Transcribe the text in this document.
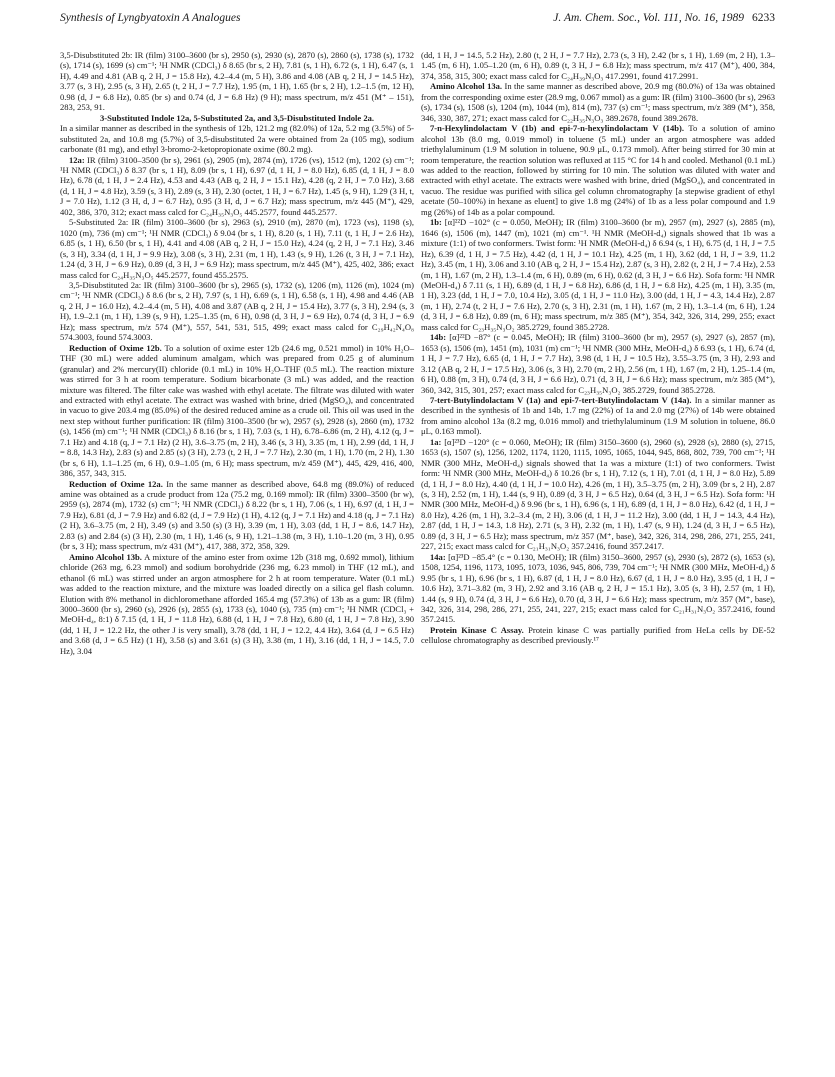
Synthesis of Lyngbyatoxin A Analogues	J. Am. Chem. Soc., Vol. 111, No. 16, 1989 6233

3,5-Disubstituted 2b: IR (film) 3100–3600 (br s), 2950 (s), 2930 (s), 2870 (s), 2860 (s), 1738 (s), 1732 (s), 1714 (s), 1699 (s) cm⁻¹; ¹H NMR (CDCl₃) δ 8.65 (br s, 2 H), 7.81 (s, 1 H), 6.72 (s, 1 H), 6.47 (s, 1 H), 4.49 and 4.81 (AB q, 2 H, J = 15.8 Hz), 4.2–4.4 (m, 5 H), 3.86 and 4.08 (AB q, 2 H, J = 14.5 Hz), 3.77 (s, 3 H), 2.95 (s, 3 H), 2.65 (t, 2 H, J = 7.7 Hz), 1.95 (m, 1 H), 1.65 (br s, 2 H), 1.2–1.5 (m, 12 H), 0.98 (d, J = 6.8 Hz), 0.85 (br s) and 0.74 (d, J = 6.8 Hz) (9 H); mass spectrum, m/z 451 (M⁺ – 151), 283, 253, 91.

3-Substituted Indole 12a, 5-Substituted 2a, and 3,5-Disubstituted Indole 2a.

In a similar manner as described in the synthesis of 12b, 121.2 mg (82.0%) of 12a, 5.2 mg (3.5%) of 5-substituted 2a, and 10.8 mg (5.7%) of 3,5-disubstituted 2a were obtained from 2a (105 mg), sodium carbonate (81 mg), and ethyl 3-bromo-2-ketopropionate oxime (80.2 mg).

12a: IR (film) 3100–3500 (br s), 2961 (s), 2905 (m), 2874 (m), 1726 (vs), 1512 (m), 1202 (s) cm⁻¹; ¹H NMR (CDCl₃) δ 8.37 (br s, 1 H), 8.09 (br s, 1 H), 6.97 (d, 1 H, J = 8.0 Hz), 6.85 (d, 1 H, J = 8.0 Hz), 6.78 (d, 1 H, J = 2.4 Hz), 4.53 and 4.43 (AB q, 2 H, J = 15.1 Hz), 4.28 (q, 2 H, J = 7.0 Hz), 3.68 (d, 1 H, J = 4.8 Hz), 3.59 (s, 3 H), 2.89 (s, 3 H), 2.30 (octet, 1 H, J = 6.7 Hz), 1.45 (s, 9 H), 1.29 (3 H, t, J = 7.0 Hz), 1.12 (3 H, d, J = 6.7 Hz), 0.95 (3 H, d, J = 6.7 Hz); mass spectrum, m/z 445 (M⁺), 429, 402, 386, 370, 312; exact mass calcd for C₂₄H₃₅N₃O₅ 445.2577, found 445.2577.

5-Substituted 2a: IR (film) 3100–3600 (br s), 2963 (s), 2910 (m), 2870 (m), 1723 (vs), 1198 (s), 1020 (m), 736 (m) cm⁻¹; ¹H NMR (CDCl₃) δ 9.04 (br s, 1 H), 8.20 (s, 1 H), 7.11 (t, 1 H, J = 2.6 Hz), 6.85 (s, 1 H), 6.50 (br s, 1 H), 4.41 and 4.08 (AB q, 2 H, J = 15.0 Hz), 4.24 (q, 2 H, J = 7.1 Hz), 3.46 (s, 3 H), 3.34 (d, 1 H, J = 9.9 Hz), 3.08 (s, 3 H), 2.31 (m, 1 H), 1.43 (s, 9 H), 1.26 (t, 3 H, J = 7.1 Hz), 1.24 (d, 3 H, J = 6.9 Hz), 0.89 (d, 3 H, J = 6.9 Hz); mass spectrum, m/z 445 (M⁺), 425, 402, 386; exact mass calcd for C₂₄H₃₅N₃O₅ 445.2577, found 455.2575.

3,5-Disubstituted 2a: IR (film) 3100–3600 (br s), 2965 (s), 1732 (s), 1206 (m), 1126 (m), 1024 (m) cm⁻¹; ¹H NMR (CDCl₃) δ 8.6 (br s, 2 H), 7.97 (s, 1 H), 6.69 (s, 1 H), 6.58 (s, 1 H), 4.98 and 4.46 (AB q, 2 H, J = 16.0 Hz), 4.2–4.4 (m, 5 H), 4.08 and 3.87 (AB q, 2 H, J = 15.4 Hz), 3.77 (s, 3 H), 2.94 (s, 3 H), 1.9–2.1 (m, 1 H), 1.39 (s, 9 H), 1.25–1.35 (m, 6 H), 0.98 (d, 3 H, J = 6.9 Hz), 0.74 (d, 3 H, J = 6.9 Hz); mass spectrum, m/z 574 (M⁺), 557, 541, 531, 515, 499; exact mass calcd for C₂₉H₄₂N₄O₈ 574.3003, found 574.3003.

Reduction of Oxime 12b. To a solution of oxime ester 12b (24.6 mg, 0.521 mmol) in 10% H₂O–THF (30 mL) were added aluminum amalgam, which was prepared from 0.25 g of aluminum (granular) and 2% mercury(II) chloride (0.1 mL) in 10% H₂O–THF (0.5 mL). The reaction mixture was stirred for 3 h at room temperature. Sodium bicarbonate (3 mL) was added, and the reaction mixture was filtered. The filter cake was washed with ethyl acetate. The filtrate was diluted with water and extracted with ethyl acetate. The extract was washed with brine, dried (MgSO₄), and concentrated in vacuo to give 203.4 mg (85.0%) of the desired reduced amine as a crude oil. This oil was used in the next step without further purification: IR (film) 3100–3500 (br w), 2957 (s), 2928 (s), 2860 (m), 1732 (s), 1456 (m) cm⁻¹; ¹H NMR (CDCl₃) δ 8.16 (br s, 1 H), 7.03 (s, 1 H), 6.78–6.86 (m, 2 H), 4.12 (q, J = 7.1 Hz) and 4.18 (q, J = 7.1 Hz) (2 H), 3.6–3.75 (m, 2 H), 3.46 (s, 3 H), 3.35 (m, 1 H), 2.99 (dd, 1 H, J = 8.8, 14.3 Hz), 2.83 (s) and 2.85 (s) (3 H), 2.73 (t, 2 H, J = 7.7 Hz), 2.30 (m, 1 H), 1.70 (m, 2 H), 1.30 (br s, 6 H), 1.1–1.25 (m, 6 H), 0.9–1.05 (m, 6 H); mass spectrum, m/z 459 (M⁺), 445, 429, 416, 400, 386, 357, 343, 315.

Reduction of Oxime 12a. In the same manner as described above, 64.8 mg (89.0%) of reduced amine was obtained as a crude product from 12a (75.2 mg, 0.169 mmol): IR (film) 3300–3500 (br w), 2959 (s), 2874 (m), 1732 (s) cm⁻¹; ¹H NMR (CDCl₃) δ 8.22 (br s, 1 H), 7.06 (s, 1 H), 6.97 (d, 1 H, J = 7.9 Hz), 6.81 (d, J = 7.9 Hz) and 6.82 (d, J = 7.9 Hz) (1 H), 4.12 (q, J = 7.1 Hz) and 4.18 (q, J = 7.1 Hz) (2 H), 3.6–3.75 (m, 2 H), 3.49 (s) and 3.50 (s) (3 H), 3.39 (m, 1 H), 3.03 (dd, 1 H, J = 8.6, 14.7 Hz), 2.83 (s) and 2.84 (s) (3 H), 2.30 (m, 1 H), 1.46 (s, 9 H), 1.21–1.38 (m, 3 H), 1.10–1.20 (m, 3 H), 0.95 (br s, 3 H); mass spectrum, m/z 431 (M⁺), 417, 388, 372, 358, 329.

Amino Alcohol 13b. A mixture of the amino ester from oxime 12b (318 mg, 0.692 mmol), lithium chloride (263 mg, 6.23 mmol) and sodium borohydride (236 mg, 6.23 mmol) in THF (12 mL), and ethanol (6 mL) was stirred under an argon atmosphere for 2 h at room temperature. Water (0.1 mL) was added to the reaction mixture, and the mixture was loaded directly on a silica gel flash column. Elution with 8% methanol in dichloromethane afforded 165.4 mg (57.3%) of 13b as a gum: IR (film) 3000–3600 (br s), 2960 (s), 2926 (s), 2855 (s), 1733 (s), 1040 (s), 735 (m) cm⁻¹; ¹H NMR (CDCl₃ + MeOH-d₄, 8:1) δ 7.15 (d, 1 H, J = 11.8 Hz), 6.88 (d, 1 H, J = 7.8 Hz), 6.80 (d, 1 H, J = 7.8 Hz), 3.90 (dd, 1 H, J = 12.2 Hz, the other J is very small), 3.78 (dd, 1 H, J = 12.2, 4.4 Hz), 3.64 (d, J = 6.5 Hz) and 3.68 (d, J = 6.5 Hz) (1 H), 3.58 (s) and 3.61 (s) (3 H), 3.38 (m, 1 H), 3.16 (dd, 1 H, J = 14.5, 7.0 Hz), 3.04

(dd, 1 H, J = 14.5, 5.2 Hz), 2.80 (t, 2 H, J = 7.7 Hz), 2.73 (s, 3 H), 2.42 (br s, 1 H), 1.69 (m, 2 H), 1.3–1.45 (m, 6 H), 1.05–1.20 (m, 6 H), 0.89 (t, 3 H, J = 6.8 Hz); mass spectrum, m/z 417 (M⁺), 400, 384, 374, 358, 315, 300; exact mass calcd for C₂₄H₃₉N₃O₃ 417.2991, found 417.2991.

Amino Alcohol 13a. In the same manner as described above, 20.9 mg (80.0%) of 13a was obtained from the corresponding oxime ester (28.9 mg, 0.067 mmol) as a gum: IR (film) 3100–3600 (br s), 2963 (s), 1734 (s), 1508 (s), 1204 (m), 1044 (m), 814 (m), 737 (s) cm⁻¹; mass spectrum, m/z 389 (M⁺), 358, 346, 330, 387, 271; exact mass calcd for C₂₂H₃₅N₃O₃ 389.2678, found 389.2678.

7-n-Hexylindolactam V (1b) and epi-7-n-hexylindolactam V (14b). To a solution of amino alcohol 13b (8.0 mg, 0.019 mmol) in toluene (5 mL) under an argon atmosphere was added triethylaluminum (1.9 M solution in toluene, 90.9 μL, 0.173 mmol). After being stirred for 30 min at room temperature, the reaction solution was refluxed at 115 °C for 14 h and cooled. Methanol (0.1 mL) was added to the reaction, followed by stirring for 10 min. The solution was diluted with water and extracted with ethyl acetate. The extracts were washed with brine, dried (MgSO₄), and concentrated in vacuo. The residue was purified with silica gel column chromatography [a stepwise gradient of ethyl acetate (50–100%) in hexane as eluent] to give 1.8 mg (24%) of 1b as a less polar compound and 1.9 mg (26%) of 14b as a polar compound.

1b: [α]²²D −102° (c = 0.050, MeOH); IR (film) 3100–3600 (br m), 2957 (m), 2927 (s), 2885 (m), 1646 (s), 1506 (m), 1447 (m), 1021 (m) cm⁻¹. ¹H NMR (MeOH-d₄) signals showed that 1b was a mixture (1:1) of two conformers. Twist form: ¹H NMR (MeOH-d₄) δ 6.94 (s, 1 H), 6.75 (d, 1 H, J = 7.5 Hz), 6.39 (d, 1 H, J = 7.5 Hz), 4.42 (d, 1 H, J = 10.1 Hz), 4.25 (m, 1 H), 3.62 (dd, 1 H, J = 3.9, 11.2 Hz), 3.45 (m, 1 H), 3.06 and 3.10 (AB q, 2 H, J = 15.4 Hz), 2.87 (s, 3 H), 2.82 (t, 2 H, J = 7.4 Hz), 2.53 (m, 1 H), 1.67 (m, 2 H), 1.3–1.4 (m, 6 H), 0.89 (m, 6 H), 0.62 (d, 3 H, J = 6.6 Hz). Sofa form: ¹H NMR (MeOH-d₄) δ 7.11 (s, 1 H), 6.89 (d, 1 H, J = 6.8 Hz), 6.86 (d, 1 H, J = 6.8 Hz), 4.25 (m, 1 H), 3.35 (m, 1 H), 3.23 (dd, 1 H, J = 7.0, 10.4 Hz), 3.05 (d, 1 H, J = 11.0 Hz), 3.00 (dd, 1 H, J = 4.3, 14.4 Hz), 2.87 (m, 1 H), 2.74 (t, 2 H, J = 7.6 Hz), 2.70 (s, 3 H), 2.31 (m, 1 H), 1.67 (m, 2 H), 1.3–1.4 (m, 6 H), 1.24 (d, 3 H, J = 6.8 Hz), 0.89 (m, 6 H); mass spectrum, m/z 385 (M⁺), 354, 342, 326, 314, 299, 255; exact mass calcd for C₂₃H₃₅N₃O₂ 385.2729, found 385.2728.

14b: [α]²²D −87° (c = 0.045, MeOH); IR (film) 3100–3600 (br m), 2957 (s), 2927 (s), 2857 (m), 1653 (s), 1506 (m), 1451 (m), 1031 (m) cm⁻¹; ¹H NMR (300 MHz, MeOH-d₄) δ 6.93 (s, 1 H), 6.74 (d, 1 H, J = 7.7 Hz), 6.65 (d, 1 H, J = 7.7 Hz), 3.98 (d, 1 H, J = 10.5 Hz), 3.55–3.75 (m, 3 H), 2.93 and 3.12 (AB q, 2 H, J = 17.5 Hz), 3.06 (s, 3 H), 2.70 (m, 2 H), 2.56 (m, 1 H), 1.67 (m, 2 H), 1.25–1.4 (m, 6 H), 0.88 (m, 3 H), 0.74 (d, 3 H, J = 6.6 Hz), 0.71 (d, 3 H, J = 6.6 Hz); mass spectrum, m/z 385 (M⁺), 360, 342, 315, 301, 257; exact mass calcd for C₂₃H₃₅N₃O₂ 385.2729, found 385.2728.

7-tert-Butylindolactam V (1a) and epi-7-tert-Butylindolactam V (14a). In a similar manner as described in the synthesis of 1b and 14b, 1.7 mg (22%) of 1a and 2.0 mg (27%) of 14b were obtained from amino alcohol 13a (8.2 mg, 0.016 mmol) and triethylaluminum (1.9 M solution in toluene, 86.0 μL, 0.163 mmol).

1a: [α]²³D −120° (c = 0.060, MeOH); IR (film) 3150–3600 (s), 2960 (s), 2928 (s), 2880 (s), 2715, 1653 (s), 1507 (s), 1256, 1202, 1174, 1120, 1115, 1095, 1065, 1044, 945, 868, 802, 739, 700 cm⁻¹; ¹H NMR (300 MHz, MeOH-d₄) signals showed that 1a was a mixture (1:1) of two conformers. Twist form: ¹H NMR (300 MHz, MeOH-d₄) δ 10.26 (br s, 1 H), 7.12 (s, 1 H), 7.01 (d, 1 H, J = 8.0 Hz), 5.89 (d, 1 H, J = 8.0 Hz), 4.40 (d, 1 H, J = 10.0 Hz), 4.26 (m, 1 H), 3.5–3.75 (m, 2 H), 3.09 (br s, 2 H), 2.87 (s, 3 H), 2.52 (m, 1 H), 1.44 (s, 9 H), 0.89 (d, 3 H, J = 6.5 Hz), 0.64 (d, 3 H, J = 6.5 Hz). Sofa form: ¹H NMR (300 MHz, MeOH-d₄) δ 9.96 (br s, 1 H), 6.96 (s, 1 H), 6.89 (d, 1 H, J = 8.0 Hz), 6.42 (d, 1 H, J = 8.0 Hz), 4.26 (m, 1 H), 3.2–3.4 (m, 2 H), 3.06 (d, 1 H, J = 11.2 Hz), 3.00 (dd, 1 H, J = 14.3, 4.4 Hz), 2.87 (dd, 1 H, J = 14.3, 1.8 Hz), 2.71 (s, 3 H), 2.32 (m, 1 H), 1.47 (s, 9 H), 1.24 (d, 3 H, J = 6.5 Hz), 0.89 (d, 3 H, J = 6.5 Hz); mass spectrum, m/z 357 (M⁺, base), 342, 326, 314, 298, 286, 271, 255, 241, 227, 215; exact mass calcd for C₂₁H₃₁N₃O₂ 357.2416, found 357.2417.

14a: [α]²³D −85.4° (c = 0.130, MeOH); IR (film) 3150–3600, 2957 (s), 2930 (s), 2872 (s), 1653 (s), 1508, 1254, 1196, 1173, 1095, 1073, 1036, 945, 806, 739, 704 cm⁻¹; ¹H NMR (300 MHz, MeOH-d₄) δ 9.95 (br s, 1 H), 6.96 (br s, 1 H), 6.87 (d, 1 H, J = 8.0 Hz), 6.67 (d, 1 H, J = 8.0 Hz), 3.95 (d, 1 H, J = 10.6 Hz), 3.71–3.82 (m, 3 H), 2.92 and 3.16 (AB q, 2 H, J = 15.1 Hz), 3.05 (s, 3 H), 2.57 (m, 1 H), 1.44 (s, 9 H), 0.74 (d, 3 H, J = 6.6 Hz), 0.70 (d, 3 H, J = 6.6 Hz); mass spectrum, m/z 357 (M⁺, base), 342, 326, 314, 298, 286, 271, 255, 241, 227, 215; exact mass calcd for C₂₁H₃₁N₃O₂ 357.2416, found 357.2415.

Protein Kinase C Assay. Protein kinase C was partially purified from HeLa cells by DE-52 cellulose chromatography as described previously.¹⁷
